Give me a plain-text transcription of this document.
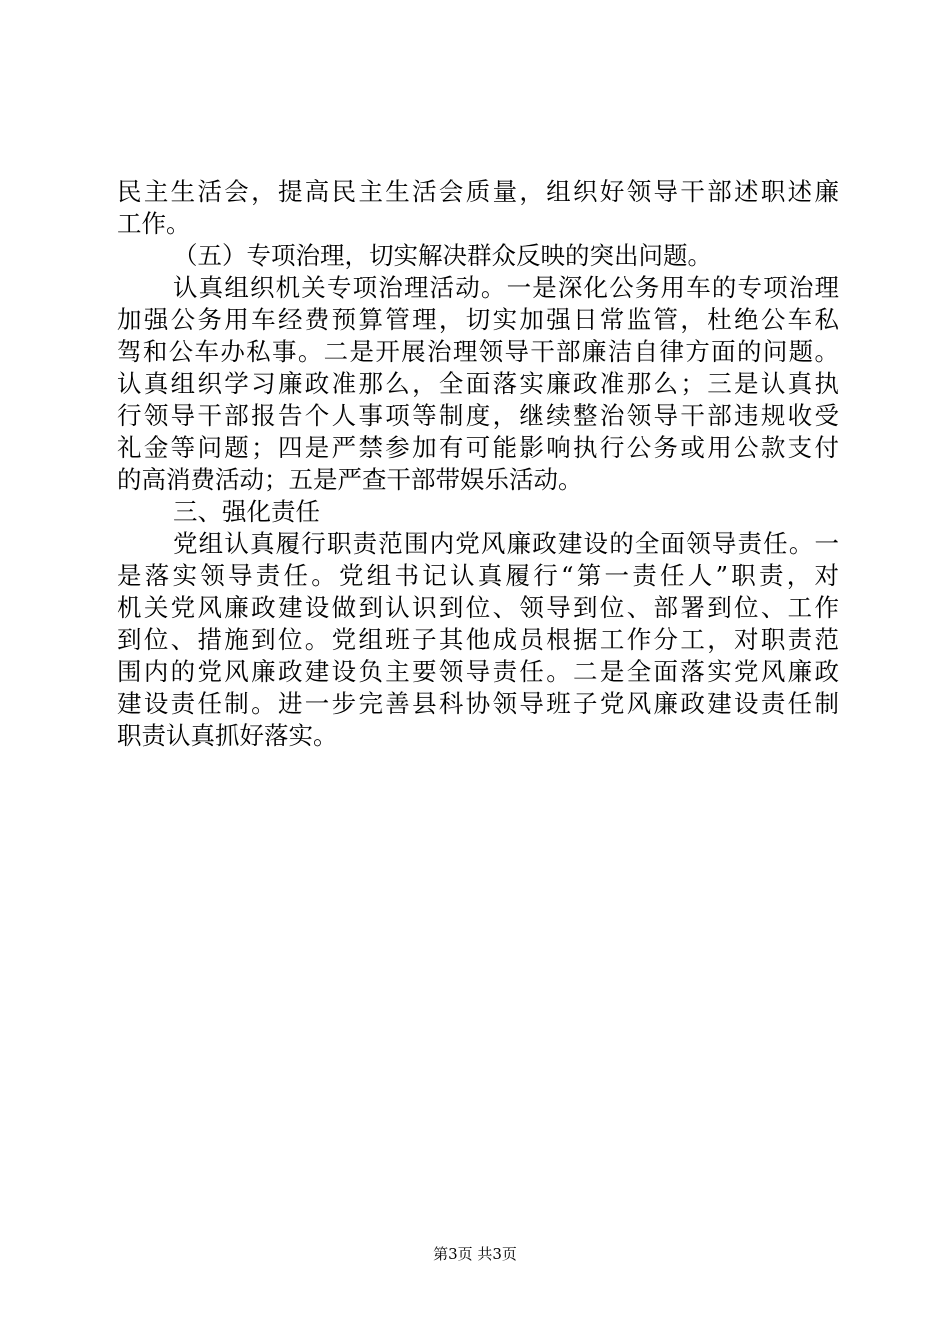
民主生活会，提高民主生活会质量，组织好领导干部述职述廉
工作。
（五）专项治理，切实解决群众反映的突出问题。
认真组织机关专项治理活动。一是深化公务用车的专项治理
加强公务用车经费预算管理，切实加强日常监管，杜绝公车私
驾和公车办私事。二是开展治理领导干部廉洁自律方面的问题。
认真组织学习廉政准那么，全面落实廉政准那么；三是认真执
行领导干部报告个人事项等制度，继续整治领导干部违规收受
礼金等问题；四是严禁参加有可能影响执行公务或用公款支付
的高消费活动；五是严查干部带娱乐活动。
三、强化责任
党组认真履行职责范围内党风廉政建设的全面领导责任。一
是落实领导责任。党组书记认真履行“第一责任人”职责，对
机关党风廉政建设做到认识到位、领导到位、部署到位、工作
到位、措施到位。党组班子其他成员根据工作分工，对职责范
围内的党风廉政建设负主要领导责任。二是全面落实党风廉政
建设责任制。进一步完善县科协领导班子党风廉政建设责任制
职责认真抓好落实。
第3页 共3页
